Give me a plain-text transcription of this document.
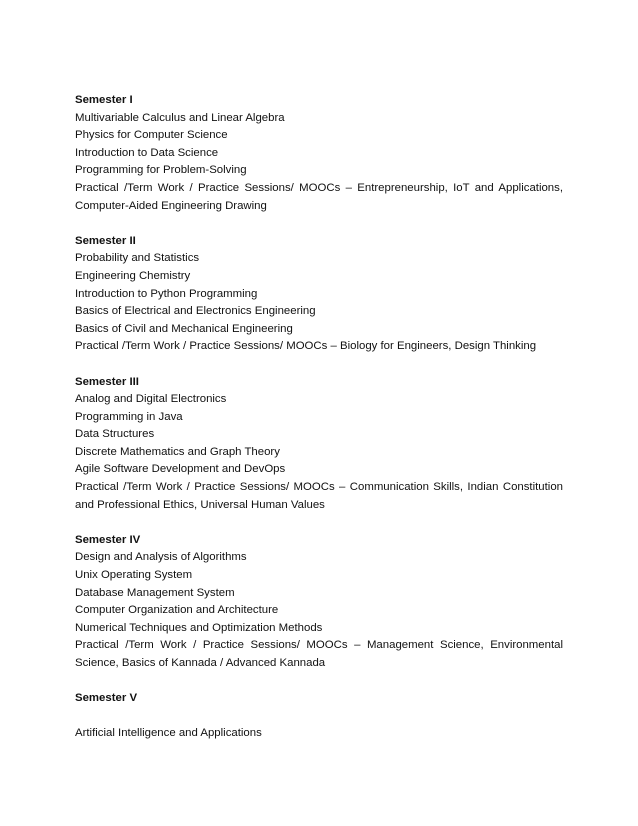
Semester I
Multivariable Calculus and Linear Algebra
Physics for Computer Science
Introduction to Data Science
Programming for Problem-Solving
Practical /Term Work / Practice Sessions/ MOOCs – Entrepreneurship, IoT and Applications, Computer-Aided Engineering Drawing
Semester II
Probability and Statistics
Engineering Chemistry
Introduction to Python Programming
Basics of Electrical and Electronics Engineering
Basics of Civil and Mechanical Engineering
Practical /Term Work / Practice Sessions/ MOOCs – Biology for Engineers, Design Thinking
Semester III
Analog and Digital Electronics
Programming in Java
Data Structures
Discrete Mathematics and Graph Theory
Agile Software Development and DevOps
Practical /Term Work / Practice Sessions/ MOOCs – Communication Skills, Indian Constitution and Professional Ethics, Universal Human Values
Semester IV
Design and Analysis of Algorithms
Unix Operating System
Database Management System
Computer Organization and Architecture
Numerical Techniques and Optimization Methods
Practical /Term Work / Practice Sessions/ MOOCs – Management Science, Environmental Science, Basics of Kannada / Advanced Kannada
Semester V
Artificial Intelligence and Applications
